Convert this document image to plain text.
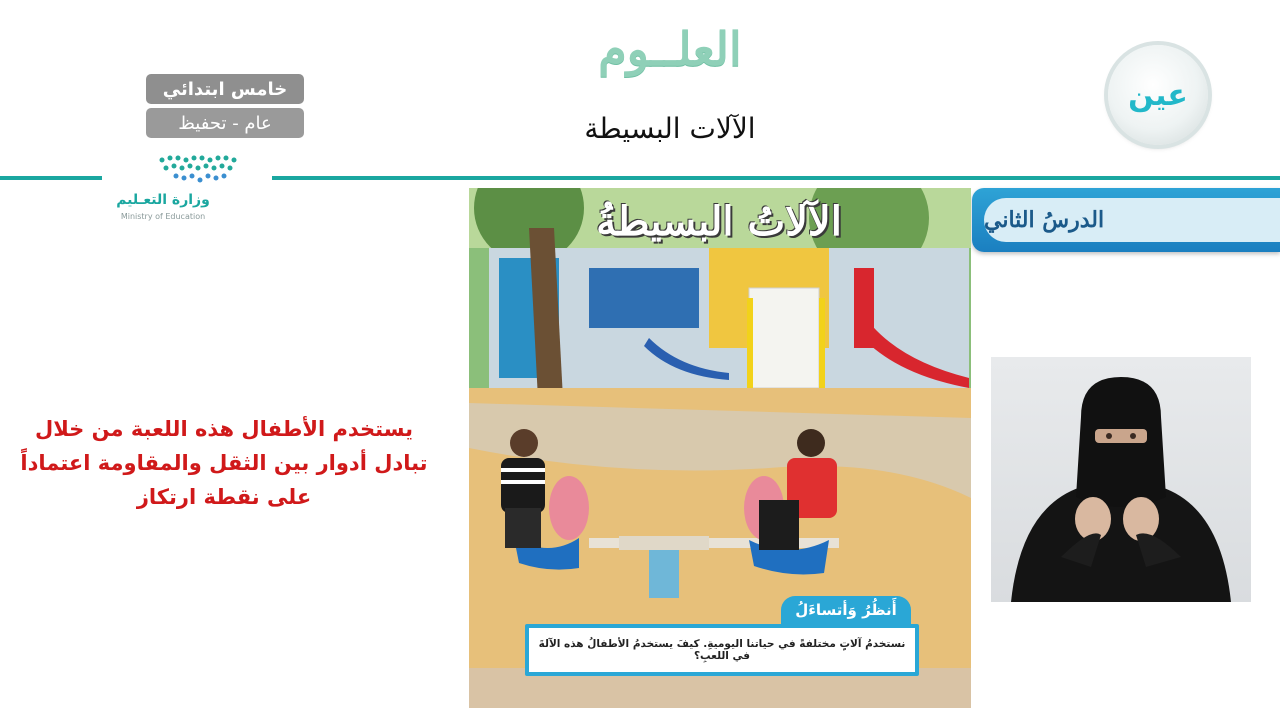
عين
العلــوم
الآلات البسيطة
خامس ابتدائي
عام - تحفيظ
وزارة التعـليم
Ministry of Education	الدرسُ الثاني
الآلاتُ البسيطةُ
أَنظُرُ وَأتساءَلُ
نستخدمُ آلاتٍ مختلفةً في حياتنا اليوميةِ. كيفَ يستخدمُ الأطفالُ هذه الآلةَ في اللعبِ؟
يستخدم الأطفال هذه اللعبة من خلال تبادل أدوار بين الثقل والمقاومة اعتماداً على نقطة ارتكاز
